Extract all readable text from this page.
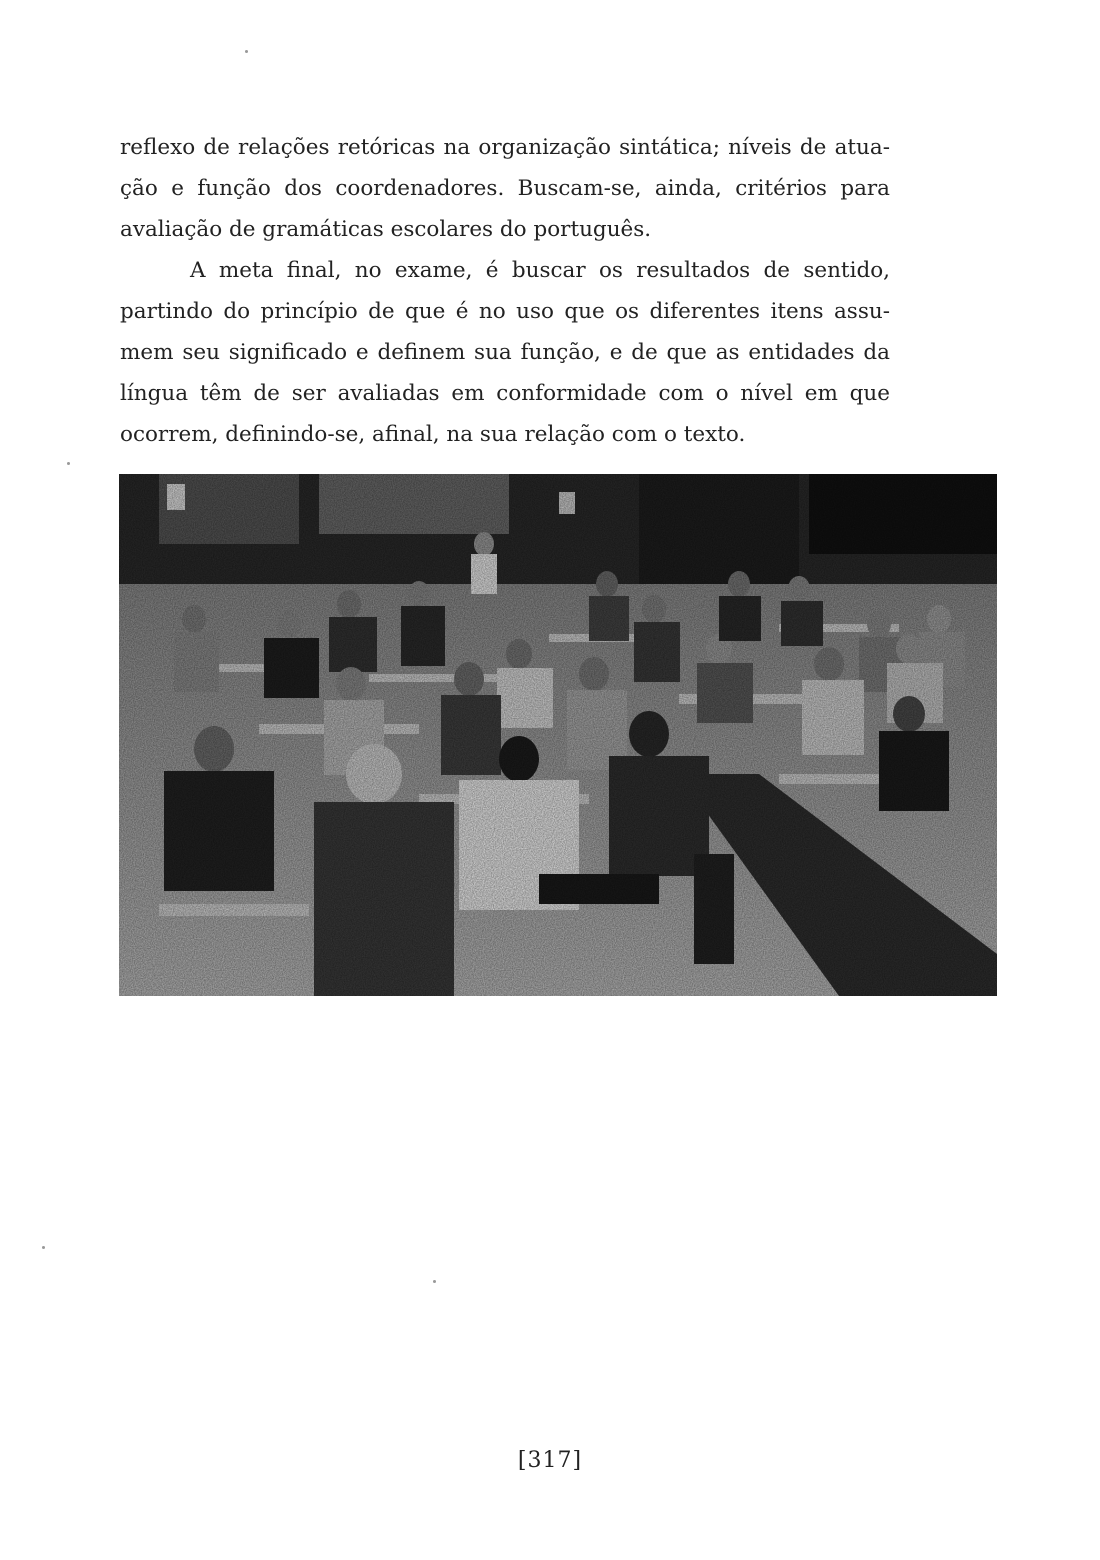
reflexo de relações retóricas na organização sintática; níveis de atua-
ção e função dos coordenadores. Buscam-se, ainda, critérios para
avaliação de gramáticas escolares do português.
A meta final, no exame, é buscar os resultados de sentido,
partindo do princípio de que é no uso que os diferentes itens assu-
mem seu significado e definem sua função, e de que as entidades da
língua têm de ser avaliadas em conformidade com o nível em que
ocorrem, definindo-se, afinal, na sua relação com o texto.
[317]
